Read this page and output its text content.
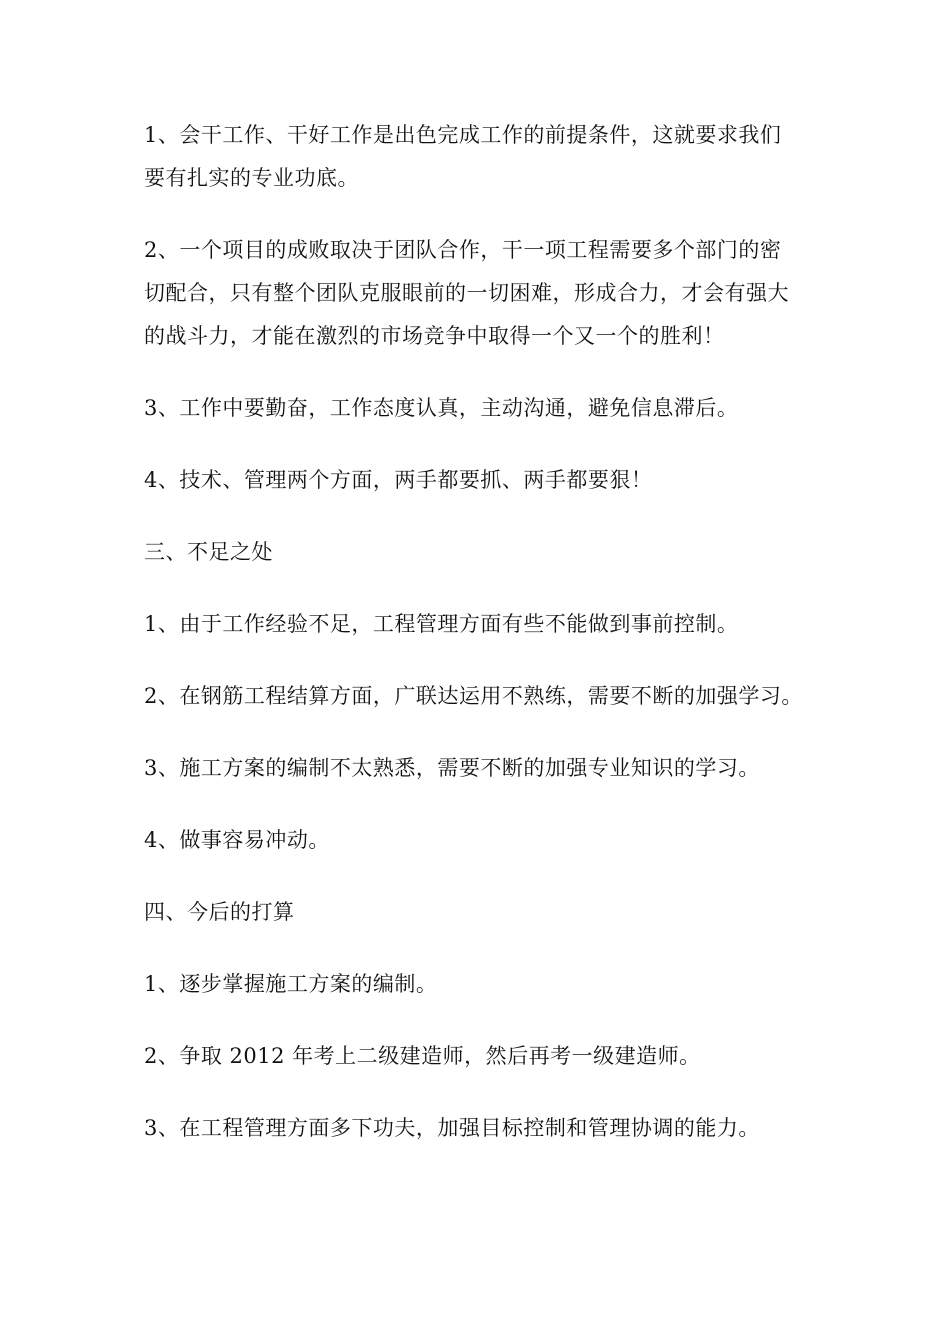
1、会干工作、干好工作是出色完成工作的前提条件，这就要求我们
要有扎实的专业功底。

2、一个项目的成败取决于团队合作，干一项工程需要多个部门的密
切配合，只有整个团队克服眼前的一切困难，形成合力，才会有强大
的战斗力，才能在激烈的市场竞争中取得一个又一个的胜利！

3、工作中要勤奋，工作态度认真，主动沟通，避免信息滞后。

4、技术、管理两个方面，两手都要抓、两手都要狠！

三、不足之处

1、由于工作经验不足，工程管理方面有些不能做到事前控制。

2、在钢筋工程结算方面，广联达运用不熟练，需要不断的加强学习。

3、施工方案的编制不太熟悉，需要不断的加强专业知识的学习。

4、做事容易冲动。

四、今后的打算

1、逐步掌握施工方案的编制。

2、争取 2012 年考上二级建造师，然后再考一级建造师。

3、在工程管理方面多下功夫，加强目标控制和管理协调的能力。
